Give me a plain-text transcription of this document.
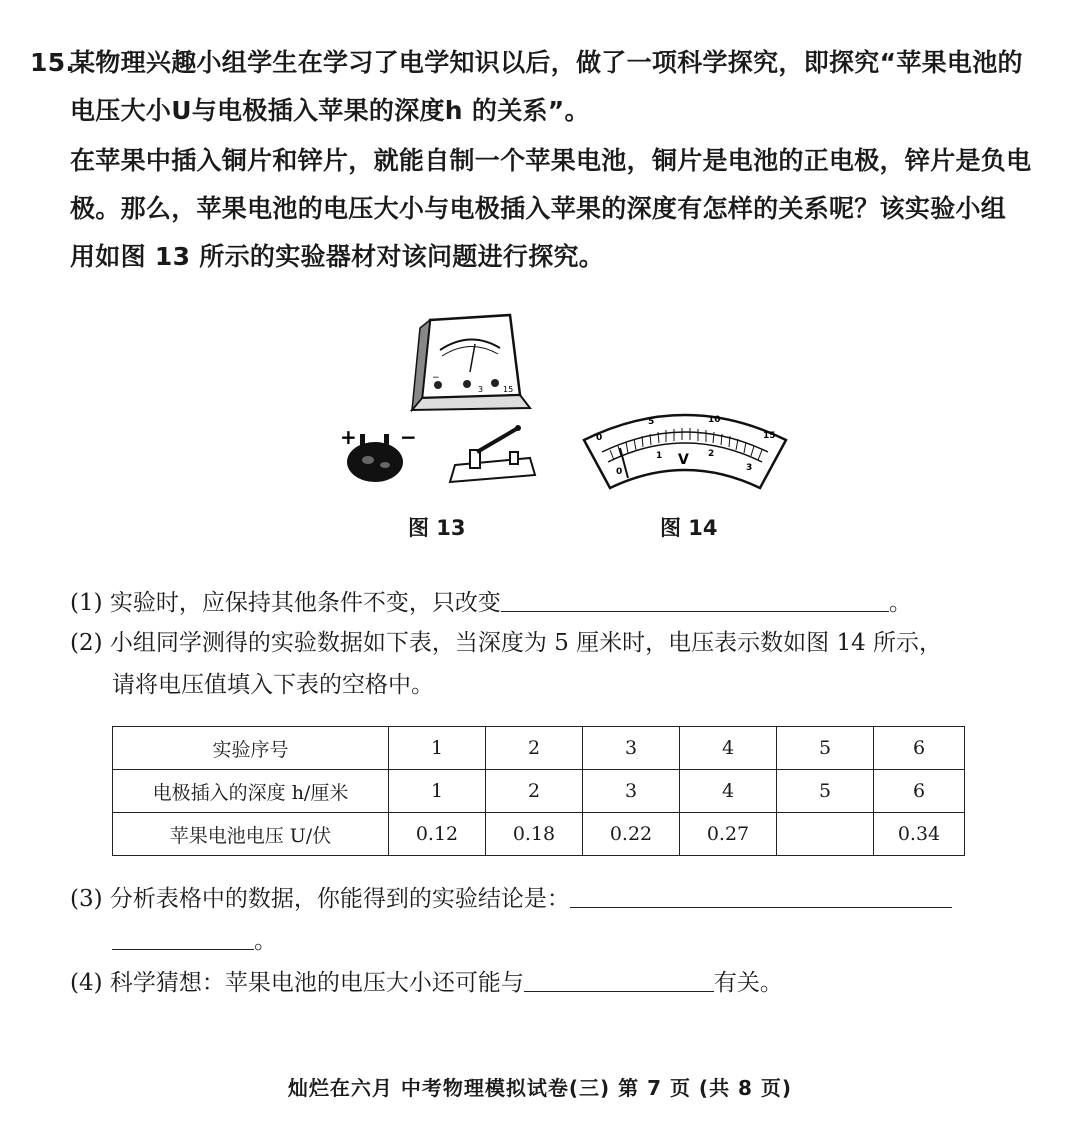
15.
某物理兴趣小组学生在学习了电学知识以后，做了一项科学探究，即探究“苹果电池的
电压大小U与电极插入苹果的深度h 的关系”。
在苹果中插入铜片和锌片，就能自制一个苹果电池，铜片是电池的正电极，锌片是负电
极。那么，苹果电池的电压大小与电极插入苹果的深度有怎样的关系呢？该实验小组
用如图 13 所示的实验器材对该问题进行探究。
−
3 15
+ −	0
5	10
15
0
1	2
3
V
图 13	图 14
(1) 实验时，应保持其他条件不变，只改变	。
(2) 小组同学测得的实验数据如下表，当深度为 5 厘米时，电压表示数如图 14 所示，
请将电压值填入下表的空格中。
实验序号	1	2	3	4	5	6
电极插入的深度 h/厘米	1	2	3	4	5	6
苹果电池电压 U/伏	0.12	0.18	0.22	0.27		0.34
(3) 分析表格中的数据，你能得到的实验结论是：
。
(4) 科学猜想：苹果电池的电压大小还可能与	有关。
灿烂在六月 中考物理模拟试卷(三) 第 7 页 (共 8 页)
